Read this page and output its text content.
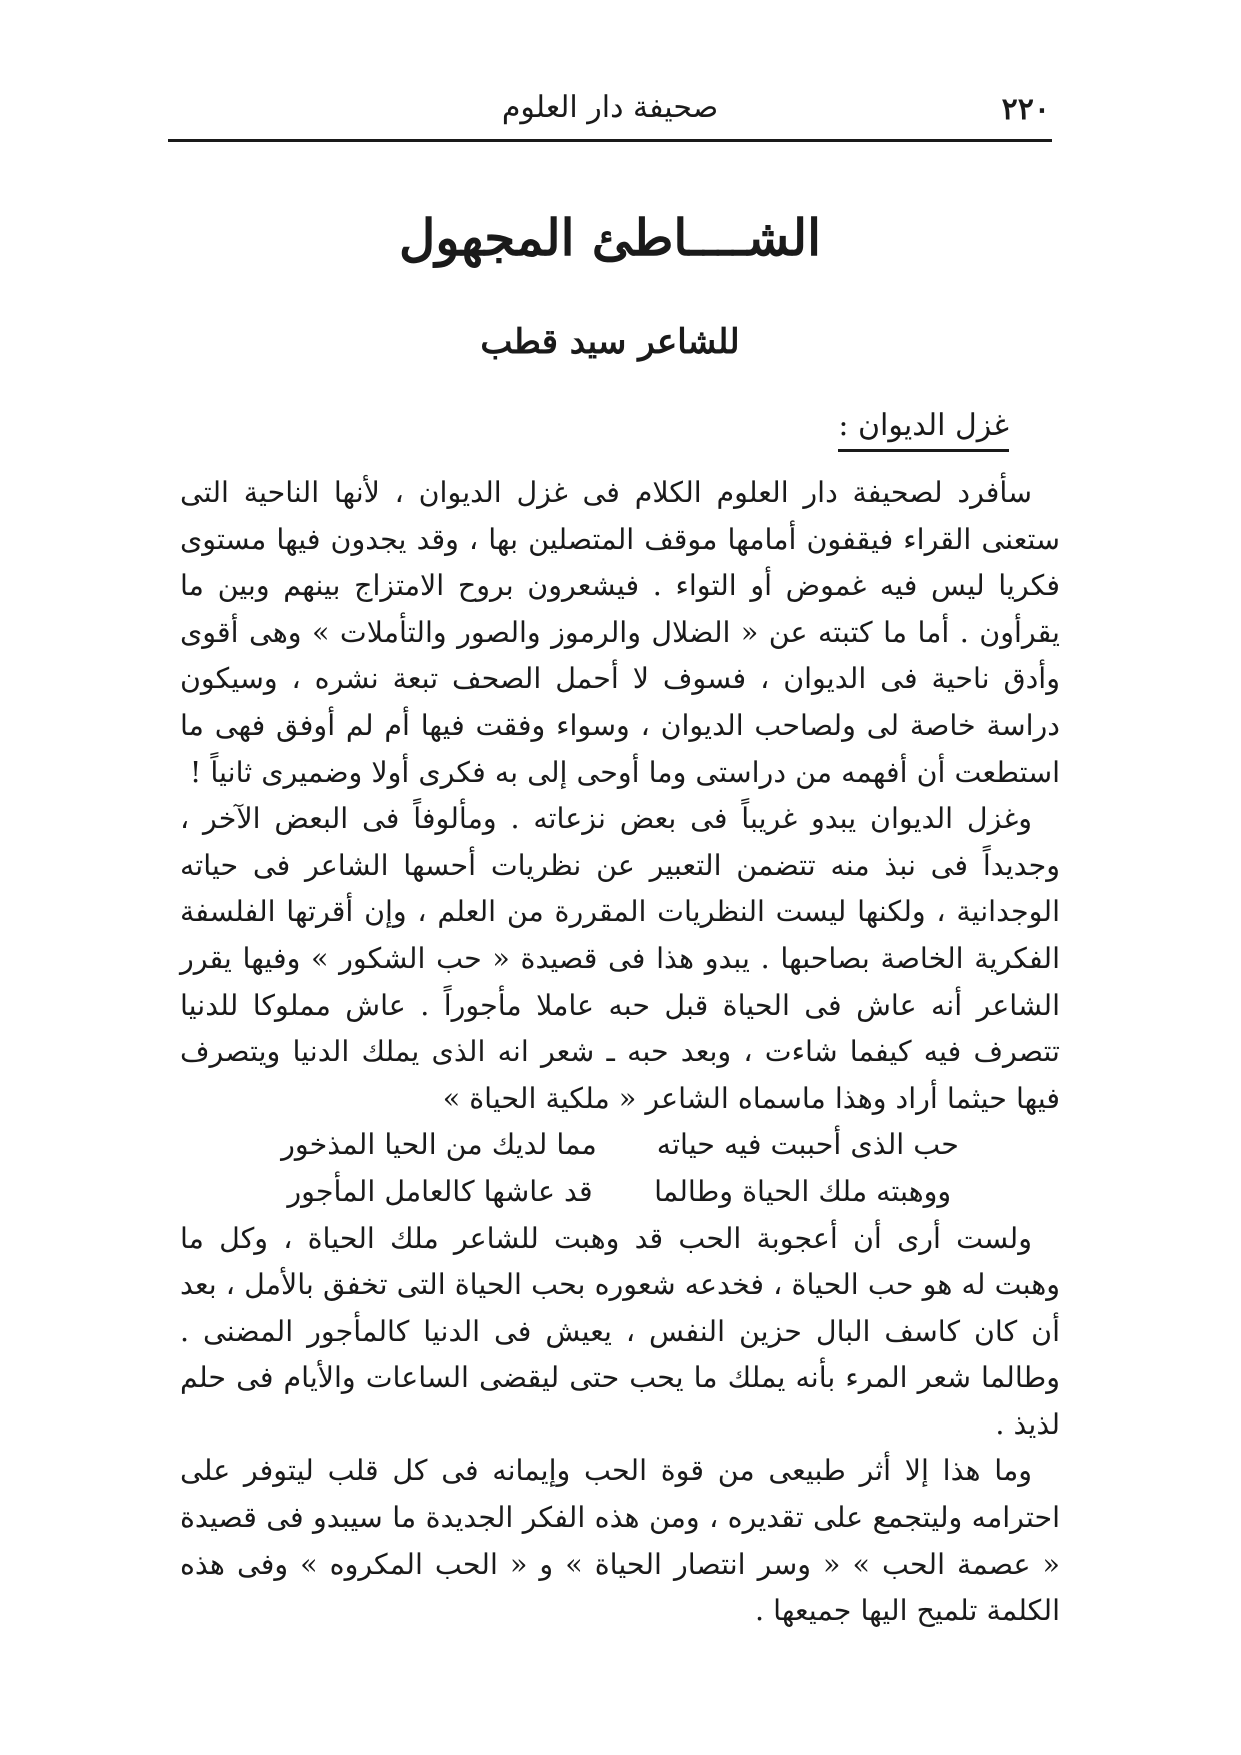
٢٢٠
صحيفة دار العلوم
الشــــاطئ المجهول
للشاعر سيد قطب
غزل الديوان :

سأفرد لصحيفة دار العلوم الكلام فى غزل الديوان ، لأنها الناحية التى ستعنى القراء فيقفون أمامها موقف المتصلين بها ، وقد يجدون فيها مستوى فكريا ليس فيه غموض أو التواء . فيشعرون بروح الامتزاج بينهم وبين ما يقرأون . أما ما كتبته عن « الضلال والرموز والصور والتأملات » وهى أقوى وأدق ناحية فى الديوان ، فسوف لا أحمل الصحف تبعة نشره ، وسيكون دراسة خاصة لى ولصاحب الديوان ، وسواء وفقت فيها أم لم أوفق فهى ما استطعت أن أفهمه من دراستى وما أوحى إلى به فكرى أولا وضميرى ثانياً !

وغزل الديوان يبدو غريباً فى بعض نزعاته . ومألوفاً فى البعض الآخر ، وجديداً فى نبذ منه تتضمن التعبير عن نظريات أحسها الشاعر فى حياته الوجدانية ، ولكنها ليست النظريات المقررة من العلم ، وإن أقرتها الفلسفة الفكرية الخاصة بصاحبها . يبدو هذا فى قصيدة « حب الشكور » وفيها يقرر الشاعر أنه عاش فى الحياة قبل حبه عاملا مأجوراً . عاش مملوكا للدنيا تتصرف فيه كيفما شاءت ، وبعد حبه ـ شعر انه الذى يملك الدنيا ويتصرف فيها حيثما أراد وهذا ماسماه الشاعر « ملكية الحياة »

حب الذى أحببت فيه حياته
مما لديك من الحيا المذخور
ووهبته ملك الحياة وطالما
قد عاشها كالعامل المأجور

ولست أرى أن أعجوبة الحب قد وهبت للشاعر ملك الحياة ، وكل ما وهبت له هو حب الحياة ، فخدعه شعوره بحب الحياة التى تخفق بالأمل ، بعد أن كان كاسف البال حزين النفس ، يعيش فى الدنيا كالمأجور المضنى . وطالما شعر المرء بأنه يملك ما يحب حتى ليقضى الساعات والأيام فى حلم لذيذ .

وما هذا إلا أثر طبيعى من قوة الحب وإيمانه فى كل قلب ليتوفر على احترامه وليتجمع على تقديره ، ومن هذه الفكر الجديدة ما سيبدو فى قصيدة « عصمة الحب » « وسر انتصار الحياة » و « الحب المكروه » وفى هذه الكلمة تلميح اليها جميعها .
